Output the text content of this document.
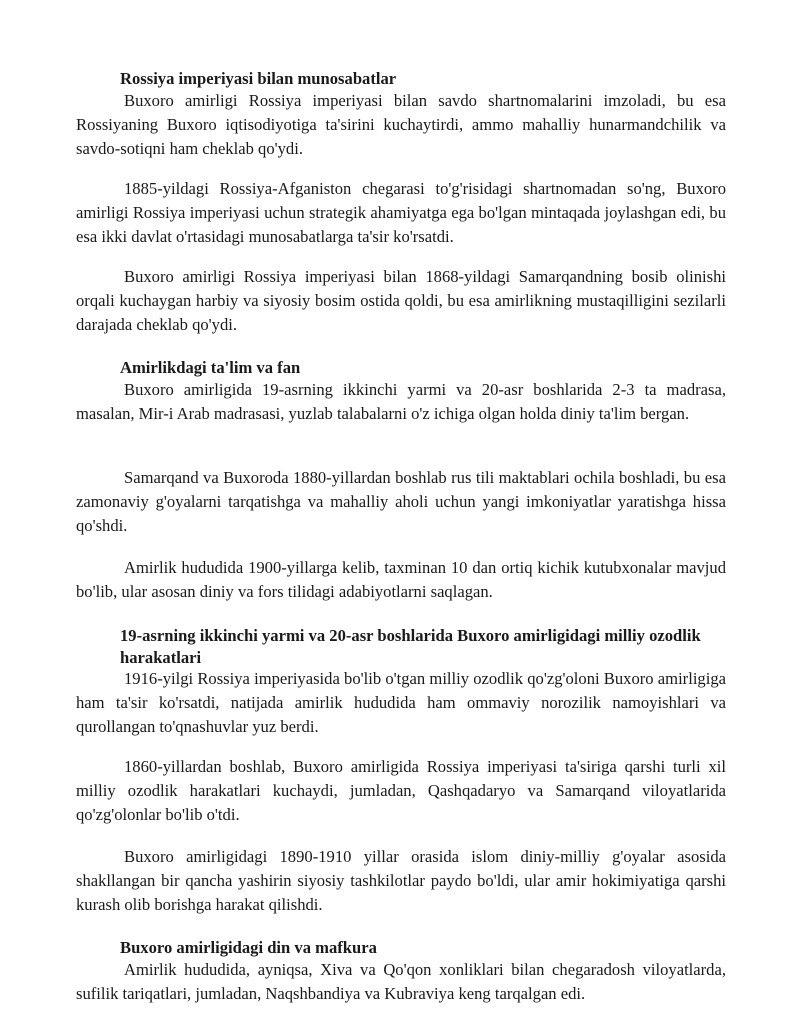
Rossiya imperiyasi bilan munosabatlar
Buxoro amirligi Rossiya imperiyasi bilan savdo shartnomalarini imzoladi, bu esa Rossiyaning Buxoro iqtisodiyotiga ta'sirini kuchaytirdi, ammo mahalliy hunarmandchilik va savdo-sotiqni ham cheklab qo'ydi.
1885-yildagi Rossiya-Afganiston chegarasi to'g'risidagi shartnomadan so'ng, Buxoro amirligi Rossiya imperiyasi uchun strategik ahamiyatga ega bo'lgan mintaqada joylashgan edi, bu esa ikki davlat o'rtasidagi munosabatlarga ta'sir ko'rsatdi.
Buxoro amirligi Rossiya imperiyasi bilan 1868-yildagi Samarqandning bosib olinishi orqali kuchaygan harbiy va siyosiy bosim ostida qoldi, bu esa amirlikning mustaqilligini sezilarli darajada cheklab qo'ydi.
Amirlikdagi ta'lim va fan
Buxoro amirligida 19-asrning ikkinchi yarmi va 20-asr boshlarida 2-3 ta madrasa, masalan, Mir-i Arab madrasasi, yuzlab talabalarni o'z ichiga olgan holda diniy ta'lim bergan.
Samarqand va Buxoroda 1880-yillardan boshlab rus tili maktablari ochila boshladi, bu esa zamonaviy g'oyalarni tarqatishga va mahalliy aholi uchun yangi imkoniyatlar yaratishga hissa qo'shdi.
Amirlik hududida 1900-yillarga kelib, taxminan 10 dan ortiq kichik kutubxonalar mavjud bo'lib, ular asosan diniy va fors tilidagi adabiyotlarni saqlagan.
19-asrning ikkinchi yarmi va 20-asr boshlarida Buxoro amirligidagi milliy ozodlik harakatlari
1916-yilgi Rossiya imperiyasida bo'lib o'tgan milliy ozodlik qo'zg'oloni Buxoro amirligiga ham ta'sir ko'rsatdi, natijada amirlik hududida ham ommaviy norozilik namoyishlari va qurollangan to'qnashuvlar yuz berdi.
1860-yillardan boshlab, Buxoro amirligida Rossiya imperiyasi ta'siriga qarshi turli xil milliy ozodlik harakatlari kuchaydi, jumladan, Qashqadaryo va Samarqand viloyatlarida qo'zg'olonlar bo'lib o'tdi.
Buxoro amirligidagi 1890-1910 yillar orasida islom diniy-milliy g'oyalar asosida shakllangan bir qancha yashirin siyosiy tashkilotlar paydo bo'ldi, ular amir hokimiyatiga qarshi kurash olib borishga harakat qilishdi.
Buxoro amirligidagi din va mafkura
Amirlik hududida, ayniqsa, Xiva va Qo'qon xonliklari bilan chegaradosh viloyatlarda, sufilik tariqatlari, jumladan, Naqshbandiya va Kubraviya keng tarqalgan edi.
